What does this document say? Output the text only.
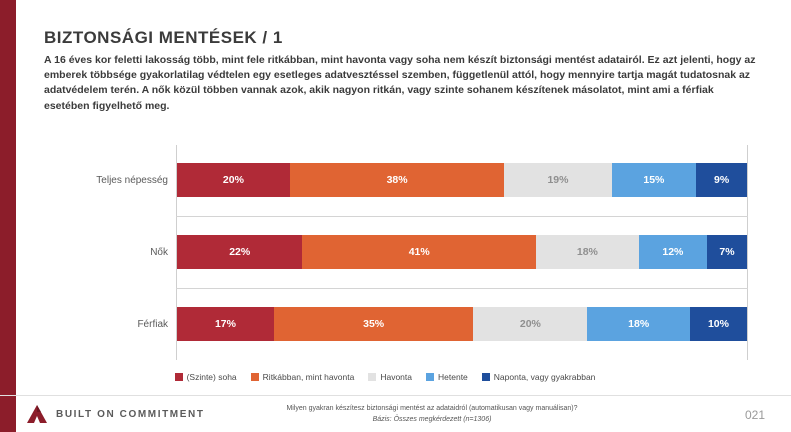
BIZTONSÁGI MENTÉSEK / 1
A 16 éves kor feletti lakosság több, mint fele ritkábban, mint havonta vagy soha nem készít biztonsági mentést adatairól. Ez azt jelenti, hogy az emberek többsége gyakorlatilag védtelen egy esetleges adatvesztéssel szemben, függetlenül attól, hogy mennyire tartja magát tudatosnak az adatvédelem terén. A nők közül többen vannak azok, akik nagyon ritkán, vagy szinte sohanem készítenek másolatot, mint ami a férfiak esetében figyelhető meg.
Teljes népesség	20%	38%	19%	15%	9%
Nők	22%	41%	18%	12%	7%
Férfiak	17%	35%	20%	18%	10%
(Szinte) soha	Ritkábban, mint havonta	Havonta	Hetente	Naponta, vagy gyakrabban
BUILT ON COMMITMENT	Milyen gyakran készítesz biztonsági mentést az adataidról (automatikusan vagy manuálisan)?
Bázis: Összes megkérdezett (n=1306)	021
